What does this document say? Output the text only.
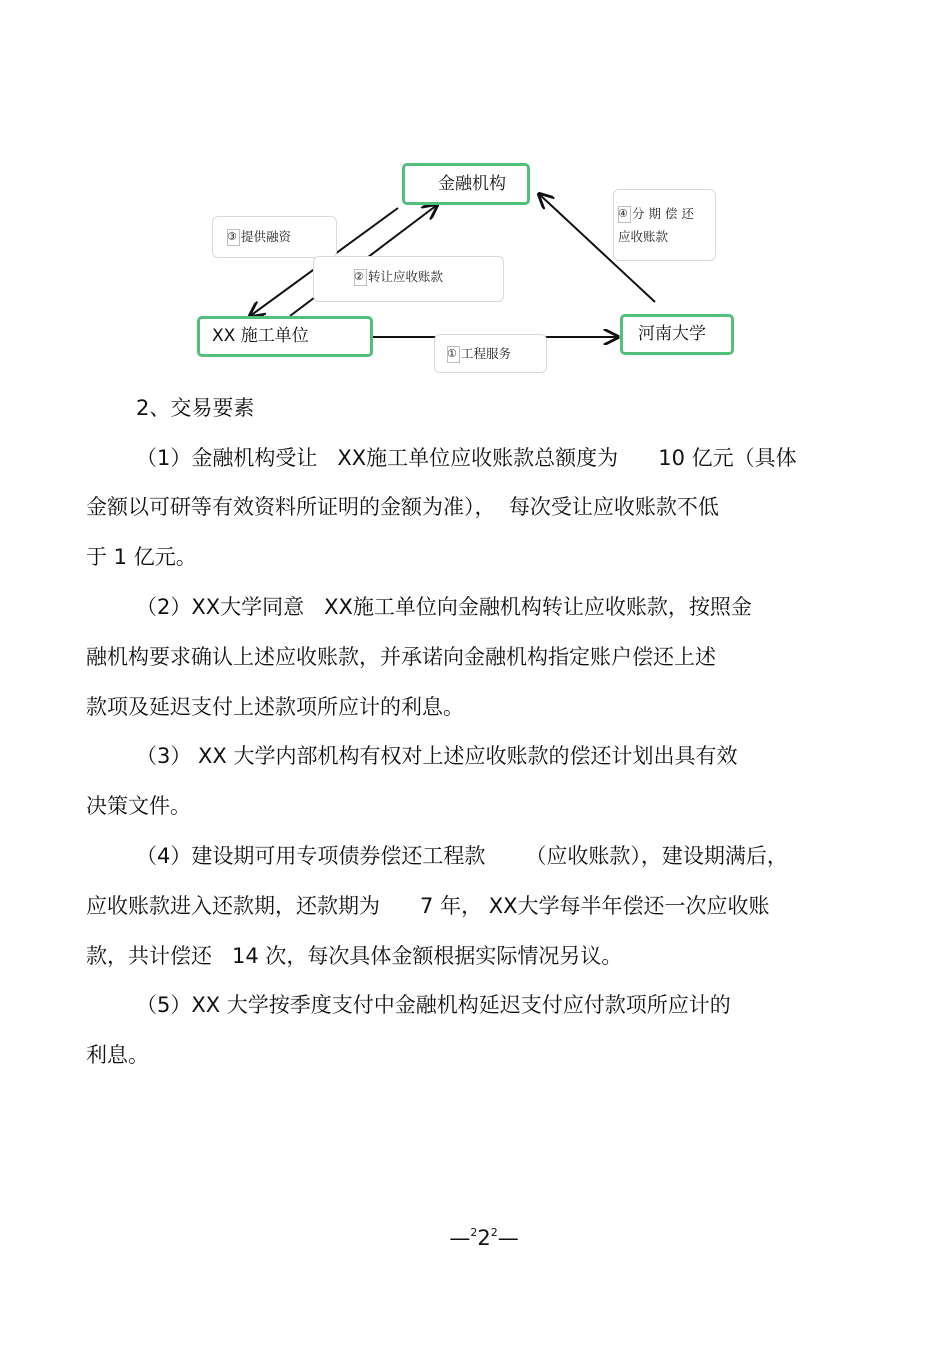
金融机构
XX 施工单位	河南大学
③ 提供融资
② 转让应收账款
④ 分 期 偿 还
应收账款
① 工程服务
2、交易要素
（1）金融机构受让   XX施工单位应收账款总额度为      10 亿元（具体
金额以可研等有效资料所证明的金额为准），  每次受让应收账款不低
于 1 亿元。
（2）XX大学同意   XX施工单位向金融机构转让应收账款，按照金
融机构要求确认上述应收账款，并承诺向金融机构指定账户偿还上述
款项及延迟支付上述款项所应计的利息。
（3） XX 大学内部机构有权对上述应收账款的偿还计划出具有效
决策文件。
（4）建设期可用专项债券偿还工程款      （应收账款），建设期满后，
应收账款进入还款期，还款期为      7 年， XX大学每半年偿还一次应收账
款，共计偿还   14 次，每次具体金额根据实际情况另议。
（5）XX 大学按季度支付中金融机构延迟支付应付款项所应计的
利息。

$—^22^2—$
